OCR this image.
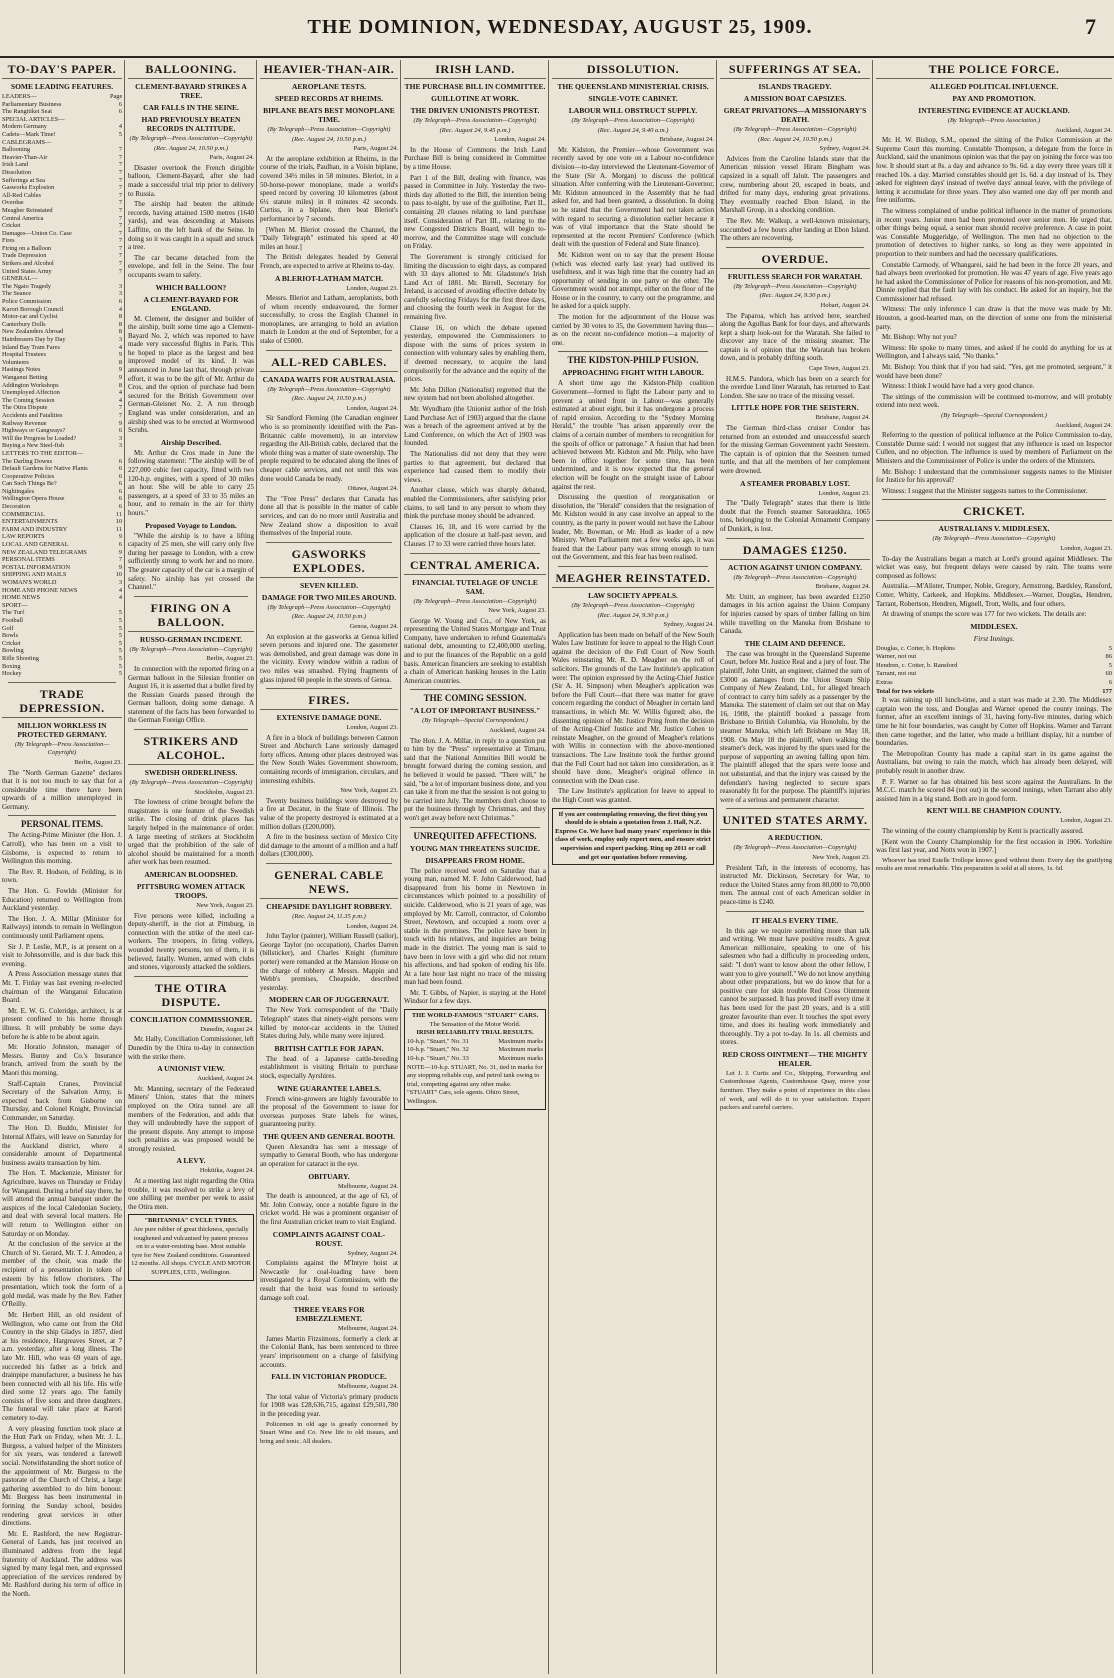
THE DOMINION, WEDNESDAY, AUGUST 25, 1909.	7
TO-DAY'S PAPER.
SOME LEADING FEATURES.
LEADERS—	Page
Parliamentary Business	6
The Rangitikei Seat	6
SPECIAL ARTICLES—
Modern Germany	4
Cadets—Mark Time!	5
CABLEGRAMS—
Ballooning	7
Heavier-Than-Air	7
Irish Land	7
Dissolution	7
Sufferings at Sea	7
Gasworks Explosion	7
All-Red Cables	7
Overdue	7
Meagher Reinstated	7
Central America	7
Cricket	7
Damages—Union Co. Case	7
Fires	7
Firing on a Balloon	7
Trade Depression	7
Strikers and Alcohol	7
United States Army	7
GENERAL—
The Ngaio Tragedy	3
The Seance	3
Police Commission	6
Karori Borough Council	4
Motor-car and Cyclist	8
Canterbury Dolls	8
New Zealanders Abroad	8
Hairdressers Day by Day	3
Inland Bay Tram Fares	4
Hospital Trustees	9
Volunteers	8
Hastings Notes	9
Wanganui Betting	9
Addington Workshops	8
Unemployed Affection	4
The Coming Session	4
The Otira Dispute	7
Accidents and Fatalities	7
Railway Revenue	9
Highways or Gangways?	6
Will the Progress be Loaded?	3
Buying a New Steel-fish	3
LETTERS TO THE EDITOR—
The Darling Downs	6
Default Gardens for Native Plants	6
Cooperative Policies	6
Can Such Things Be?	6
Nightingales	6
Wellington Opera House	6
Decoration	6
COMMERCIAL	11
ENTERTAINMENTS	10
FARM AND INDUSTRY	11
LAW REPORTS	9
LOCAL AND GENERAL	6
NEW ZEALAND TELEGRAMS	9
PERSONAL ITEMS	7
POSTAL INFORMATION	9
SHIPPING AND MAILS	10
WOMAN'S WORLD	3
HOME AND PHONE NEWS	4
HOME NEWS	4
SPORT—
The Turf	5
Football	5
Golf	5
Bowls	5
Cricket	5
Bowling	5
Rifle Shooting	5
Boxing	5
Hockey	5
TRADE DEPRESSION.
MILLION WORKLESS IN PROTECTED GERMANY.
(By Telegraph—Press Association—Copyright)
Berlin, August 23.

The "North German Gazette" declares that it is not too much to say that for a considerable time there have been upwards of a million unemployed in Germany.

PERSONAL ITEMS.

The Acting-Prime Minister (the Hon. J. Carroll), who has been on a visit to Gisborne, is expected to return to Wellington this morning.

The Rev. R. Hodson, of Feilding, is in town.

The Hon. G. Fowlds (Minister for Education) returned to Wellington from Auckland yesterday.

The Hon. J. A. Millar (Minister for Railways) intends to remain in Wellington continuously until Parliament opens.

Sir J. P. Leslie, M.P., is at present on a visit to Johnsonville, and is due back this evening.

A Press Association message states that Mr. T. Finlay was last evening re-elected chairman of the Wanganui Education Board.

Mr. E. W. G. Coleridge, architect, is at present confined to his home through illness. It will probably be some days before he is able to be about again.

Mr. Horatio Johnston, manager of Messrs. Bunny and Co.'s Insurance branch, arrived from the south by the Maori this morning.

Staff-Captain Cranes, Provincial Secretary of the Salvation Army, is expected back from Gisborne on Thursday, and Colonel Knight, Provincial Commander, on Saturday.

The Hon. D. Buddo, Minister for Internal Affairs, will leave on Saturday for the Auckland district, where a considerable amount of Departmental business awaits transaction by him.

The Hon. T. Mackenzie, Minister for Agriculture, leaves on Thursday or Friday for Wanganui. During a brief stay there, he will attend the annual banquet under the auspices of the local Caledonian Society, and deal with several local matters. He will return to Wellington either on Saturday or on Monday.

At the conclusion of the service at the Church of St. Gerard, Mr. T. J. Amodeo, a member of the choir, was made the recipient of a presentation in token of esteem by his fellow choristers. The presentation, which took the form of a gold medal, was made by the Rev. Father O'Reilly.

Mr. Herbert Hill, an old resident of Wellington, who came out from the Old Country in the ship Gladys in 1857, died at his residence, Hargreaves Street, at 7 a.m. yesterday, after a long illness. The late Mr. Hill, who was 69 years of age, succeeded his father as a brick and drainpipe manufacturer, a business he has been connected with all his life. His wife died some 12 years ago. The family consists of five sons and three daughters. The funeral will take place at Karori cemetery to-day.

A very pleasing function took place at the Hutt Park on Friday, when Mr. J. L. Burgess, a valued helper of the Ministers for six years, was tendered a farewell social. Notwithstanding the short notice of the appointment of Mr. Burgess to the pastorate of the Church of Christ, a large gathering assembled to do him honour. Mr. Burgess has been instrumental in forming the Sunday school, besides rendering great services in other directions.

Mr. E. Rashford, the new Registrar-General of Lands, has just received an illuminated address from the legal fraternity of Auckland. The address was signed by many legal men, and expressed appreciation of the services rendered by Mr. Rashford during his term of office in the North.

BALLOONING.
CLEMENT-BAYARD STRIKES A TREE.
CAR FALLS IN THE SEINE.
HAD PREVIOUSLY BEATEN RECORDS IN ALTITUDE.
(By Telegraph—Press Association—Copyright)
(Rec. August 24, 10.50 p.m.)
Paris, August 24.

Disaster overtook the French dirigible balloon, Clement-Bayard, after she had made a successful trial trip prior to delivery to Russia.

The airship had beaten the altitude records, having attained 1500 metres (1640 yards), and was descending at Maisons Laffitte, on the left bank of the Seine. In doing so it was caught in a squall and struck a tree.

The car became detached from the envelope, and fell in the Seine. The four occupants swam to safety.

WHICH BALLOON?
A CLEMENT-BAYARD FOR ENGLAND.

M. Clement, the designer and builder of the airship, built some time ago a Clement-Bayard No. 2, which was reported to have made very successful flights in Paris. This he hoped to place as the largest and best improved model of its kind. It was announced in June last that, through private effort, it was to be the gift of Mr. Arthur du Cros, and the option of purchase had been secured for the British Government over German-Gleisnet No. 2. A run through England was under consideration, and an airship shed was to be erected at Wormwood Scrubs.

Airship Described.

Mr. Arthur du Cros made in June the following statement: "The airship will be of 227,000 cubic feet capacity, fitted with two 120-h.p. engines, with a speed of 30 miles an hour. She will be able to carry 25 passengers, at a speed of 33 to 35 miles an hour, and to remain in the air for thirty hours."

Proposed Voyage to London.

"While the airship is to have a lifting capacity of 25 men, she will carry only five during her passage to London, with a crew sufficiently strong to work her and no more. The greater capacity of the car is a margin of safety. No airship has yet crossed the Channel."

FIRING ON A BALLOON.
RUSSO-GERMAN INCIDENT.
(By Telegraph—Press Association—Copyright)
Berlin, August 23.

In connection with the reported firing on a German balloon in the Silesian frontier on August 16, it is asserted that a bullet fired by the Russian Guards passed through the German balloon, doing some damage. A statement of the facts has been forwarded to the German Foreign Office.

STRIKERS AND ALCOHOL.
SWEDISH ORDERLINESS.
(By Telegraph—Press Association—Copyright)
Stockholm, August 23.

The lowness of crime brought before the magistrates is one feature of the Swedish strike. The closing of drink places has largely helped in the maintenance of order. A large meeting of strikers at Stockholm urged that the prohibition of the sale of alcohol should be maintained for a month after work has been resumed.

AMERICAN BLOODSHED.
PITTSBURG WOMEN ATTACK TROOPS.
New York, August 23.

Five persons were killed, including a deputy-sheriff, in the riot at Pittsburg, in connection with the strike of the steel car-workers. The troopers, in firing volleys, wounded twenty persons, ten of them, it is believed, fatally. Women, armed with clubs and stones, vigorously attacked the soldiers.

THE OTIRA DISPUTE.
CONCILIATION COMMISSIONER.
Dunedin, August 24.

Mr. Hally, Conciliation Commissioner, left Dunedin by the Otira to-day in connection with the strike there.

A UNIONIST VIEW.
Auckland, August 24.

Mr. Manning, secretary of the Federated Miners' Union, states that the miners employed on the Otira tunnel are all members of the Federation, and adds that they will undoubtedly have the support of the present dispute. Any attempt to impose such penalties as was proposed would be strongly resisted.

A LEVY.
Hokitika, August 24.

At a meeting last night regarding the Otira trouble, it was resolved to strike a levy of one shilling per member per week to assist the Otira men.

"BRITANNIA" CYCLE TYRES.
Are pure rubber of great thickness, specially toughened and vulcanised by patent process on to a water-resisting base. Most suitable tyre for New Zealand conditions. Guaranteed 12 months. All shops. CYCLE AND MOTOR SUPPLIES, LTD., Wellington.
HEAVIER-THAN-AIR.
AEROPLANE TESTS.
SPEED RECORDS AT RHEIMS.
BIPLANE BEATS BEST MONOPLANE TIME.
(By Telegraph—Press Association—Copyright)
(Rec. August 24, 10.50 p.m.)
Paris, August 24.

At the aeroplane exhibition at Rheims, in the course of the trials, Paulhan, in a Voisin biplane, covered 34½ miles in 58 minutes. Bleriot, in a 50-horse-power monoplane, made a world's speed record by covering 10 kilometres (about 6¼ statute miles) in 8 minutes 42 seconds. Curtiss, in a biplane, then beat Bleriot's performance by 7 seconds.

[When M. Bleriot crossed the Channel, the "Daily Telegraph" estimated his speed at 40 miles an hour.]

The British delegates headed by General French, are expected to arrive at Rheims to-day.

A BLERIOT-LATHAM MATCH.
London, August 23.

Messrs. Bleriot and Latham, aeroplanists, both of whom recently endeavoured, the former successfully, to cross the English Channel in monoplanes, are arranging to hold an aviation match in London at the end of September, for a stake of £5000.

ALL-RED CABLES.
CANADA WAITS FOR AUSTRALASIA.
(By Telegraph—Press Association—Copyright)
(Rec. August 24, 10.50 p.m.)
London, August 24.

Sir Sandford Fleming (the Canadian engineer who is so prominently identified with the Pan-Britannic cable movement), in an interview regarding the All-British cable, declared that the whole thing was a matter of state ownership. The people required to be educated along the lines of cheaper cable services, and not until this was done would Canada be ready.

Ottawa, August 24.

The "Free Press" declares that Canada has done all that is possible in the matter of cable services, and can do no more until Australia and New Zealand show a disposition to avail themselves of the Imperial route.

GASWORKS EXPLODES.
SEVEN KILLED.
DAMAGE FOR TWO MILES AROUND.
(By Telegraph—Press Association—Copyright)
(Rec. August 24, 10.50 p.m.)
Genoa, August 24.

An explosion at the gasworks at Genoa killed seven persons and injured one. The gasometer was demolished, and great damage was done in the vicinity. Every window within a radius of two miles was smashed. Flying fragments of glass injured 60 people in the streets of Genoa.

FIRES.
EXTENSIVE DAMAGE DONE.
London, August 23.

A fire in a block of buildings between Cannon Street and Abchurch Lane seriously damaged forty offices. Among other places destroyed was the New South Wales Government showroom, containing records of immigration, circulars, and interesting exhibits.

New York, August 23.

Twenty business buildings were destroyed by a fire at Decatur, in the State of Illinois. The value of the property destroyed is estimated at a million dollars (£200,000).

A fire in the business section of Mexico City did damage to the amount of a million and a half dollars (£300,000).

GENERAL CABLE NEWS.
CHEAPSIDE DAYLIGHT ROBBERY.
(Rec. August 24, 11.35 p.m.)
London, August 24.

John Taylor (painter), William Russell (sailor), George Taylor (no occupation), Charles Darren (billsticker), and Charles Knight (furniture porter) were remanded at the Mansion House on the charge of robbery at Messrs. Mappin and Webb's premises, Cheapside, described yesterday.

MODERN CAR OF JUGGERNAUT.

The New York correspondent of the "Daily Telegraph" states that ninety-eight persons were killed by motor-car accidents in the United States during July, while many were injured.

BRITISH CATTLE FOR JAPAN.

The head of a Japanese cattle-breeding establishment is visiting Britain to purchase stock, especially Ayrshires.

WINE GUARANTEE LABELS.

French wine-growers are highly favourable to the proposal of the Government to issue for overseas purposes State labels for wines, guaranteeing purity.

THE QUEEN AND GENERAL BOOTH.

Queen Alexandra has sent a message of sympathy to General Booth, who has undergone an operation for cataract in the eye.

OBITUARY.
Melbourne, August 24.

The death is announced, at the age of 63, of Mr. John Conway, once a notable figure in the cricket world. He was a prominent organiser of the first Australian cricket team to visit England.

COMPLAINTS AGAINST COAL-ROUST.
Sydney, August 24.

Complaints against the M'Intyre hoist at Newcastle for coal-loading have been investigated by a Royal Commission, with the result that the hoist was found to seriously damage soft coal.

THREE YEARS FOR EMBEZZLEMENT.
Melbourne, August 24.

James Martin Fitzsimons, formerly a clerk at the Colonial Bank, has been sentenced to three years' imprisonment on a charge of falsifying accounts.

FALL IN VICTORIAN PRODUCE.
Melbourne, August 24.

The total value of Victoria's primary products for 1908 was £28,636,715, against £29,501,780 in the preceding year.

Policemen in old age is greatly concerned by Stuart Wine and Co. New life to old tissues, and bring and tonic. All dealers.

IRISH LAND.
THE PURCHASE BILL IN COMMITTEE.
GUILLOTINE AT WORK.
THE DRIVEN UNIONISTS PROTEST.
(By Telegraph—Press Association—Copyright)
(Rec. August 24, 9.45 p.m.)
London, August 24.

In the House of Commons the Irish Land Purchase Bill is being considered in Committee by a time House.

Part 1 of the Bill, dealing with finance, was passed in Committee in July. Yesterday the two-thirds day allotted to the Bill, the intention being to pass to-night, by use of the guillotine, Part II., containing 20 clauses relating to land purchase itself. Consideration of Part III., relating to the new Congested Districts Board, will begin to-morrow, and the Committee stage will conclude on Friday.

The Government is strongly criticised for limiting the discussion to eight days, as compared with 33 days allotted to Mr. Gladstone's Irish Land Act of 1881. Mr. Birrell, Secretary for Ireland, is accused of avoiding effective debate by carefully selecting Fridays for the first three days, and choosing the fourth week in August for the remaining five.

Clause 16, on which the debate opened yesterday, empowered the Commissioners to dispose with the sums of prices system in connection with voluntary sales by enabling them, if deemed necessary, to acquire the land compulsorily for the advance and the equity of the prices.

Mr. John Dillon (Nationalist) regretted that the new system had not been abolished altogether.

Mr. Wyndham (the Unionist author of the Irish Land Purchase Act of 1903) argued that the clause was a breach of the agreement arrived at by the Land Conference, on which the Act of 1903 was founded.

The Nationalists did not deny that they were parties to that agreement, but declared that experience had caused them to modify their views.

Another clause, which was sharply debated, enabled the Commissioners, after satisfying prior claims, to sell land to any person to whom they think the purchase money should be advanced.

Clauses 16, 18, and 16 were carried by the application of the closure at half-past seven, and Clauses 17 to 33 were carried three hours later.

CENTRAL AMERICA.
FINANCIAL TUTELAGE OF UNCLE SAM.
(By Telegraph—Press Association—Copyright)
New York, August 23.

George W. Young and Co., of New York, as representing the United States Mortgage and Trust Company, have undertaken to refund Guatemala's national debt, amounting to £2,400,000 sterling, and to put the finances of the Republic on a gold basis. American financiers are seeking to establish a chain of American banking houses in the Latin American countries.

THE COMING SESSION.
"A LOT OF IMPORTANT BUSINESS."
(By Telegraph—Special Correspondent.)
Auckland, August 24.

The Hon. J. A. Millar, in reply to a question put to him by the "Press" representative at Timaru, said that the National Annuities Bill would be brought forward during the coming session, and he believed it would be passed. "There will," he said, "be a lot of important business done, and you can take it from me that the session is not going to be carried into July. The members don't choose to put the business through by Christmas, and they won't get away before next Christmas."

UNREQUITED AFFECTIONS.
YOUNG MAN THREATENS SUICIDE.
DISAPPEARS FROM HOME.

The police received word on Saturday that a young man, named M. F. John Calderwood, had disappeared from his home in Newtown in circumstances which pointed to a possibility of suicide. Calderwood, who is 21 years of age, was employed by Mr. Carroll, contractor, of Colombo Street, Newtown, and occupied a room over a stable in the premises. The police have been in touch with his relatives, and inquiries are being made in the district. The young man is said to have been in love with a girl who did not return his affections, and had spoken of ending his life. At a late hour last night no trace of the missing man had been found.

Mr. T. Gibbs, of Napier, is staying at the Hotel Windsor for a few days.

THE WORLD-FAMOUS "STUART" CARS.
The Sensation of the Motor World.
IRISH RELIABILITY TRIAL RESULTS.
10-h.p. "Stuart," No. 31	Maximum marks
10-h.p. "Stuart," No. 32	Maximum marks
10-h.p. "Stuart," No. 33	Maximum marks
NOTE—10-h.p. STUART, No. 31, tied in marks for any stopping reliable cup, and petrol tank owing to trial, competing against any other make. "STUART" Cars, sole agents. Ohiro Street, Wellington.
DISSOLUTION.
THE QUEENSLAND MINISTERIAL CRISIS.
SINGLE-VOTE CABINET.
LABOUR WILL OBSTRUCT SUPPLY.
(By Telegraph—Press Association—Copyright)
(Rec. August 24, 9.40 a.m.)
Brisbane, August 24.

Mr. Kidston, the Premier—whose Government was recently saved by one vote on a Labour no-confidence division—to-day interviewed the Lieutenant-Governor of the State (Sir A. Morgan) to discuss the political situation. After conferring with the Lieutenant-Governor, Mr. Kidston announced in the Assembly that he had asked for, and had been granted, a dissolution. In doing so he stated that the Government had not taken action with regard to securing a dissolution earlier because it was of vital importance that the State should be represented at the recent Premiers' Conference (which dealt with the question of Federal and State finance).

Mr. Kidston went on to say that the present House (which was elected early last year) had outlived its usefulness, and it was high time that the country had an opportunity of sending in one party or the other. The Government would not attempt, either on the floor of the House or in the country, to carry out the programme, and he asked for a quick supply.

The motion for the adjournment of the House was carried by 30 votes to 35, the Government having thus—as on the recent no-confidence motion—a majority of one.

THE KIDSTON-PHILP FUSION.
APPROACHING FIGHT WITH LABOUR.

A short time ago the Kidston-Philp coalition Government—formed to fight the Labour party and to prevent a united front in Labour—was generally estimated at about eight, but it has undergone a process of rapid erosion. According to the "Sydney Morning Herald," the trouble "has arisen apparently over the claims of a certain number of members to recognition for the spoils of office or patronage." A fusion that had been achieved between Mr. Kidston and Mr. Philp, who have been in office together for some time, has been undermined, and it is now expected that the general election will be fought on the straight issue of Labour against the rest.

Discussing the question of reorganisation or dissolution, the "Herald" considers that the resignation of Mr. Kidston would in any case involve an appeal to the country, as the party in power would not have the Labour leader, Mr. Bowman, or Mr. Hodl as leader of a new Ministry. When Parliament met a few weeks ago, it was feared that the Labour party was strong enough to turn out the Government, and this fear has been realised.

MEAGHER REINSTATED.
LAW SOCIETY APPEALS.
(By Telegraph—Press Association—Copyright)
(Rec. August 24, 9.30 p.m.)
Sydney, August 24.

Application has been made on behalf of the New South Wales Law Institute for leave to appeal to the High Court against the decision of the Full Court of New South Wales reinstating Mr. R. D. Meagher on the roll of solicitors. The grounds of the Law Institute's application were: The opinion expressed by the Acting-Chief Justice (Sir A. H. Simpson) when Meagher's application was before the Full Court—that there was matter for grave concern regarding the conduct of Meagher in certain land transactions, in which Mr. W. Willis figured; also, the dissenting opinion of Mr. Justice Pring from the decision of the Acting-Chief Justice and Mr. Justice Cohen to reinstate Meagher, on the ground of Meagher's relations with Willis in connection with the above-mentioned transactions. The Law Institute took the further ground that the Full Court had not taken into consideration, as it should have done, Meagher's original offence in connection with the Dean case.

The Law Institute's application for leave to appeal to the High Court was granted.

If you are contemplating removing, the first thing you should do is obtain a quotation from J. Hall, N.Z. Express Co. We have had many years' experience in this class of work, employ only expert men, and ensure strict supervision and expert packing. Ring up 2011 or call and get our quotation before removing.
SUFFERINGS AT SEA.
ISLANDS TRAGEDY.
A MISSION BOAT CAPSIZES.
GREAT PRIVATIONS—A MISSIONARY'S DEATH.
(By Telegraph—Press Association—Copyright)
(Rec. August 24, 10.50 p.m.)
Sydney, August 24.

Advices from the Caroline Islands state that the American mission vessel Hiram Bingham was capsized in a squall off Jaluit. The passengers and crew, numbering about 20, escaped in boats, and drifted for many days, enduring great privations. They eventually reached Ebon Island, in the Marshall Group, in a shocking condition.

The Rev. Mr. Walkup, a well-known missionary, succumbed a few hours after landing at Ebon Island. The others are recovering.

OVERDUE.
FRUITLESS SEARCH FOR WARATAH.
(By Telegraph—Press Association—Copyright)
(Rec. August 24, 9.30 p.m.)
Hobart, August 24.

The Paparoa, which has arrived here, searched along the Agulhas Bank for four days, and afterwards kept a sharp look-out for the Waratah. She failed to discover any trace of the missing steamer. The captain is of opinion that the Waratah has broken down, and is probably drifting south.

Cape Town, August 23.

H.M.S. Pandora, which has been on a search for the overdue Lund liner Waratah, has returned to East London. She saw no trace of the missing vessel.

LITTLE HOPE FOR THE SEISTERN.
Brisbane, August 24.

The German third-class cruiser Condor has returned from an extended and unsuccessful search for the missing German Government yacht Seestern. The captain is of opinion that the Seestern turned turtle, and that all the members of her complement were drowned.

A STEAMER PROBABLY LOST.
London, August 23.

The "Daily Telegraph" states that there is little doubt that the French steamer Satoraukhra, 1065 tons, belonging to the Colonial Armament Company of Dunkirk, is lost.

DAMAGES £1250.
ACTION AGAINST UNION COMPANY.
(By Telegraph—Press Association—Copyright)
Brisbane, August 24.

Mr. Unitt, an engineer, has been awarded £1250 damages in his action against the Union Company for injuries caused by spars of timber falling on him while travelling on the Manuka from Brisbane to Canada.

THE CLAIM AND DEFENCE.

The case was brought in the Queensland Supreme Court, before Mr. Justice Real and a jury of four. The plaintiff, John Unitt, an engineer, claimed the sum of £3000 as damages from the Union Steam Ship Company of New Zealand, Ltd., for alleged breach of contract to carry him safely as a passenger by the Manuka. The statement of claim set out that on May 16, 1908, the plaintiff booked a passage from Brisbane to British Columbia, via Honolulu, by the steamer Manuka, which left Brisbane on May 18, 1908. On May 18 the plaintiff, when walking the steamer's deck, was injured by the spars used for the purpose of supporting an awning falling upon him. The plaintiff alleged that the spars were loose and not substantial, and that the injury was caused by the defendant's having neglected to secure spars reasonably fit for the purpose. The plaintiff's injuries were of a serious and permanent character.

UNITED STATES ARMY.
A REDUCTION.
(By Telegraph—Press Association—Copyright)
New York, August 23.

President Taft, in the interests of economy, has instructed Mr. Dickinson, Secretary for War, to reduce the United States army from 80,000 to 70,000 men. The annual cost of each American soldier in peace-time is £240.

IT HEALS EVERY TIME.

In this age we require something more than talk and writing. We must have positive results. A great American millionaire, speaking to one of his salesmen who had a difficulty in proceeding orders, said: "I don't want to know about the other fellow, I want you to give yourself." We do not know anything about other preparations, but we do know that for a positive cure for skin trouble Red Cross Ointment cannot be surpassed. It has proved itself every time it has been used for the past 20 years, and is a still greater favourite than ever. It touches the spot every time, and does its healing work immediately and thoroughly. Try a pot to-day. In 1s. all chemists and stores.

RED CROSS OINTMENT— THE MIGHTY HEALER.

Let J. J. Curtis and Co., Shipping, Forwarding and Customhouse Agents, Customhouse Quay, move your furniture. They make a point of experience in this class of work, and will do it to your satisfaction. Expert packers and careful carriers.

THE POLICE FORCE.
ALLEGED POLITICAL INFLUENCE.
PAY AND PROMOTION.
INTERESTING EVIDENCE AT AUCKLAND.
(By Telegraph—Press Association.)
Auckland, August 24.

Mr. H. W. Bishop, S.M., opened the sitting of the Police Commission at the Supreme Court this morning. Constable Thompson, a delegate from the force in Auckland, said the unanimous opinion was that the pay on joining the force was too low. It should start at 8s. a day and advance to 9s. 6d. a day every three years till it reached 10s. a day. Married constables should get 1s. 6d. a day instead of 1s. They asked for eighteen days' instead of twelve days' annual leave, with the privilege of letting it accumulate for three years. They also wanted one day off per month and free uniforms.

The witness complained of undue political influence in the matter of promotions in recent years. Junior men had been promoted over senior men. He urged that, other things being equal, a senior man should receive preference. A case in point was Constable Muggeridge, of Wellington. The men had no objection to the promotion of detectives to higher ranks, so long as they were appointed in proportion to their numbers and had the necessary qualifications.

Constable Carmody, of Whangarei, said he had been in the force 20 years, and had always been overlooked for promotion. He was 47 years of age. Five years ago he had asked the Commissioner of Police for reasons of his non-promotion, and Mr. Dinnie replied that the fault lay with his conduct. He asked for an inquiry, but the Commissioner had refused.

Witness: The only inference I can draw is that the move was made by Mr. Houston, a good-hearted man, on the direction of some one from the ministerial party.

Mr. Bishop: Why not you?

Witness: He spoke to many times, and asked if he could do anything for us at Wellington, and I always said, "No thanks."

Mr. Bishop: You think that if you had said, "Yes, get me promoted, sergeant," it would have been done?

Witness: I think I would have had a very good chance.

The sittings of the commission will be continued to-morrow, and will probably extend into next week.

(By Telegraph—Special Correspondent.)
Auckland, August 24.

Referring to the question of political influence at the Police Commission to-day, Constable Dunne said: I would not suggest that any influence is used on Inspector Cullen, and no objection. The influence is used by members of Parliament on the Ministers and the Commissioner of Police is under the orders of the Ministers.

Mr. Bishop: I understand that the commissioner suggests names to the Minister for Justice for his approval?

Witness: I suggest that the Minister suggests names to the Commissioner.

CRICKET.
AUSTRALIANS V. MIDDLESEX.
(By Telegraph—Press Association—Copyright)
London, August 23.

To-day the Australians began a match at Lord's ground against Middlesex. The wicket was easy, but frequent delays were caused by rain. The teams were composed as follows:

Australia.—M'Alister, Trumper, Noble, Gregory, Armstrong, Bardsley, Ransford, Cotter, Whitty, Carkeek, and Hopkins. Middlesex.—Warner, Douglas, Hendren, Tarrant, Robertson, Hendren, Mignell, Trott, Wells, and four others.

At drawing of stumps the score was 177 for two wickets. The details are:

MIDDLESEX.
First Innings.
Douglas, c. Cotter, b. Hopkins	5
Warner, not out	86
Hendren, c. Cotter, b. Ransford	5
Tarrant, not out	60
Extras	6
Total for two wickets	177

It was raining up till lunch-time, and a start was made at 2.30. The Middlesex captain won the toss, and Douglas and Warner opened the county innings. The former, after an excellent innings of 31, having forty-five minutes, during which time he hit four boundaries, was caught by Cotter off Hopkins. Warner and Tarrant then came together, and the latter, who made a brilliant display, hit a number of boundaries.

The Metropolitan County has made a capital start in its game against the Australians, but owing to rain the match, which has already been delayed, will probably result in another draw.

P. F. Warner so far has obtained his best score against the Australians. In the M.C.C. match he scored 84 (not out) in the second innings, when Tarrant also ably assisted him in a big stand. Both are in good form.

KENT WILL BE CHAMPION COUNTY.
London, August 23.

The winning of the county championship by Kent is practically assured.

[Kent won the County Championship for the first occasion in 1906. Yorkshire was first last year, and Notts won in 1907.]

Whoever has tried Estelle Trollope knows good without them. Every day the gratifying results are most remarkable. This preparation is sold at all stores, 1s. 6d.
